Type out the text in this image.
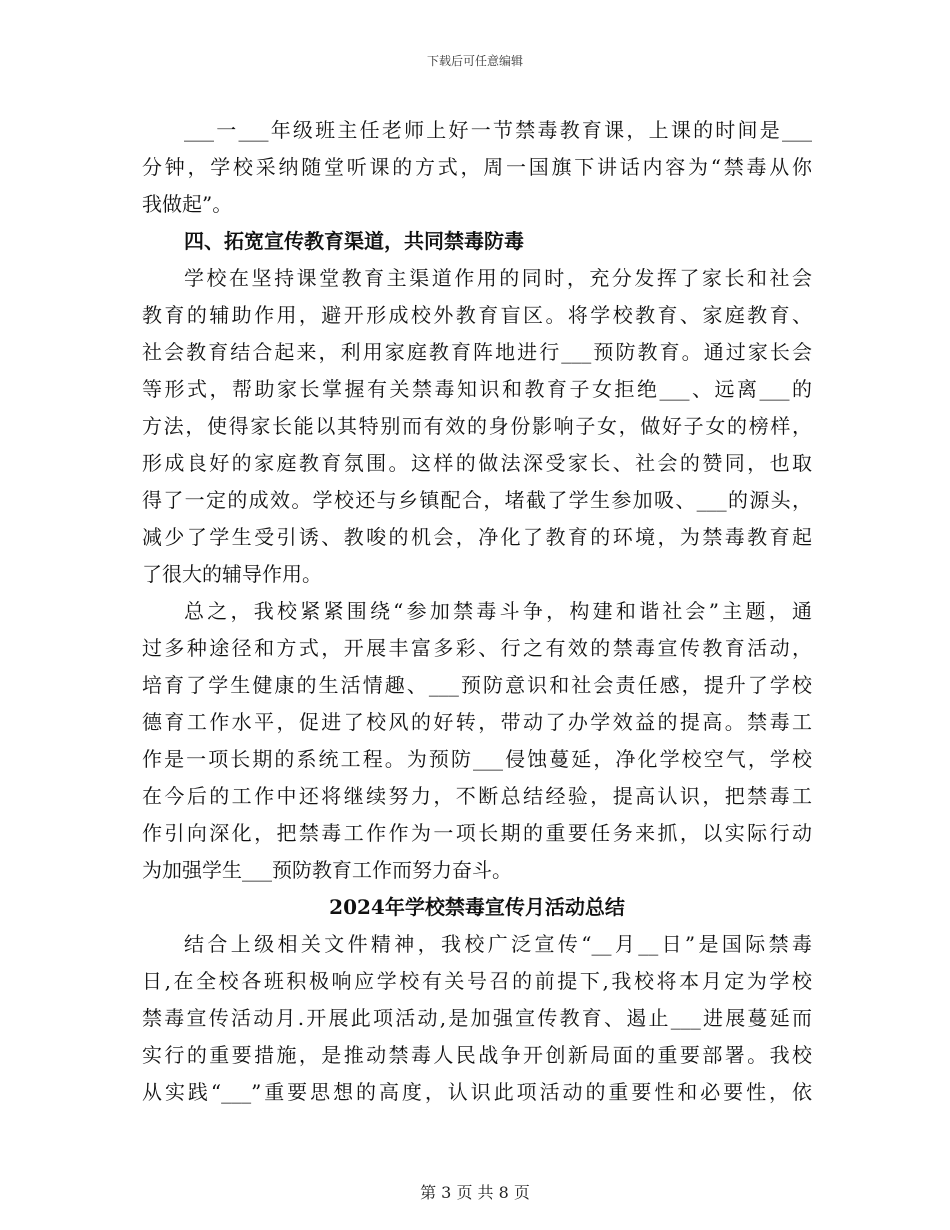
下载后可任意编辑
___一___年级班主任老师上好一节禁毒教育课，上课的时间是___
分钟，学校采纳随堂听课的方式，周一国旗下讲话内容为“禁毒从你
我做起”。
四、拓宽宣传教育渠道，共同禁毒防毒
学校在坚持课堂教育主渠道作用的同时，充分发挥了家长和社会
教育的辅助作用，避开形成校外教育盲区。将学校教育、家庭教育、
社会教育结合起来，利用家庭教育阵地进行___预防教育。通过家长会
等形式，帮助家长掌握有关禁毒知识和教育子女拒绝___、远离___的
方法，使得家长能以其特别而有效的身份影响子女，做好子女的榜样，
形成良好的家庭教育氛围。这样的做法深受家长、社会的赞同，也取
得了一定的成效。学校还与乡镇配合，堵截了学生参加吸、___的源头，
减少了学生受引诱、教唆的机会，净化了教育的环境，为禁毒教育起
了很大的辅导作用。
总之，我校紧紧围绕“参加禁毒斗争，构建和谐社会”主题，通
过多种途径和方式，开展丰富多彩、行之有效的禁毒宣传教育活动，
培育了学生健康的生活情趣、___预防意识和社会责任感，提升了学校
德育工作水平，促进了校风的好转，带动了办学效益的提高。禁毒工
作是一项长期的系统工程。为预防___侵蚀蔓延，净化学校空气，学校
在今后的工作中还将继续努力，不断总结经验，提高认识，把禁毒工
作引向深化，把禁毒工作作为一项长期的重要任务来抓，以实际行动
为加强学生___预防教育工作而努力奋斗。
2024年学校禁毒宣传月活动总结
结合上级相关文件精神，我校广泛宣传“__月__日”是国际禁毒
日,在全校各班积极响应学校有关号召的前提下,我校将本月定为学校
禁毒宣传活动月.开展此项活动,是加强宣传教育、遏止___进展蔓延而
实行的重要措施，是推动禁毒人民战争开创新局面的重要部署。我校
从实践“___”重要思想的高度，认识此项活动的重要性和必要性，依
第 3 页 共 8 页
